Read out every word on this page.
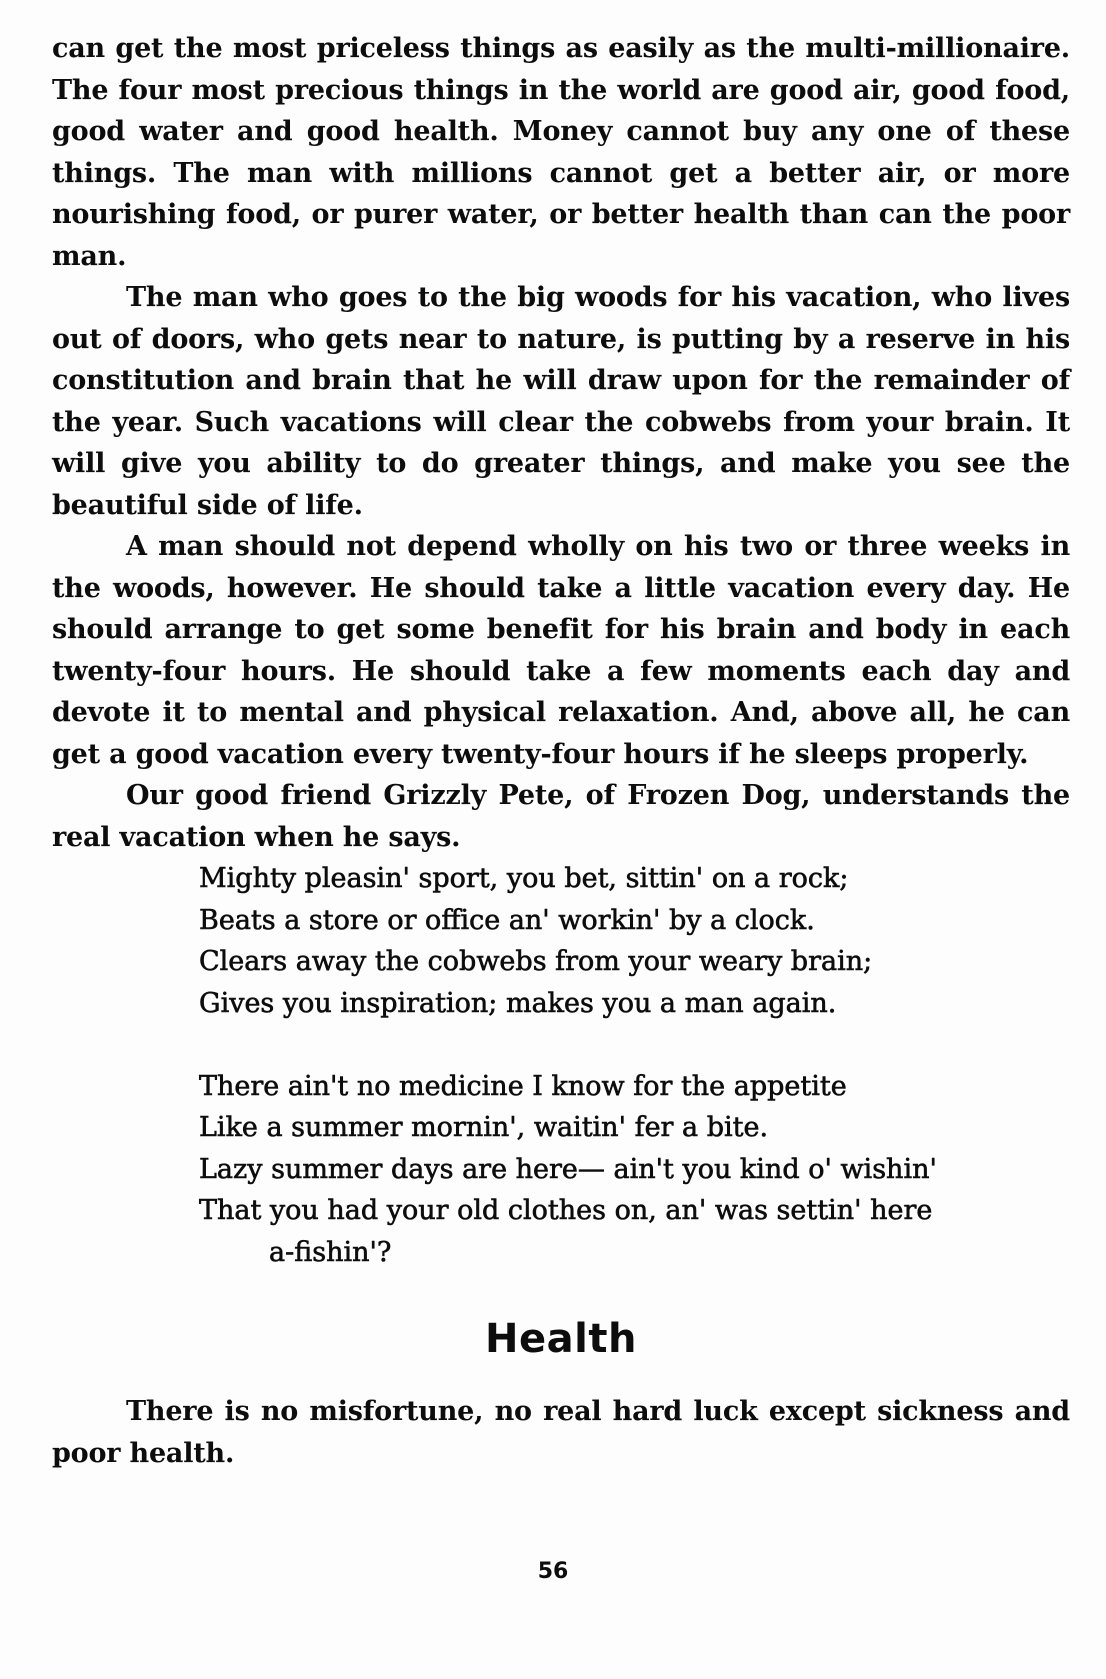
can get the most priceless things as easily as the multi-millionaire. The four most precious things in the world are good air, good food, good water and good health. Money cannot buy any one of these things. The man with millions cannot get a better air, or more nourishing food, or purer water, or better health than can the poor man.

The man who goes to the big woods for his vacation, who lives out of doors, who gets near to nature, is putting by a reserve in his constitution and brain that he will draw upon for the remainder of the year. Such vacations will clear the cobwebs from your brain. It will give you ability to do greater things, and make you see the beautiful side of life.

A man should not depend wholly on his two or three weeks in the woods, however. He should take a little vacation every day. He should arrange to get some benefit for his brain and body in each twenty-four hours. He should take a few moments each day and devote it to mental and physical relaxation. And, above all, he can get a good vacation every twenty-four hours if he sleeps properly.

Our good friend Grizzly Pete, of Frozen Dog, understands the real vacation when he says.

Mighty pleasin' sport, you bet, sittin' on a rock;
Beats a store or office an' workin' by a clock.
Clears away the cobwebs from your weary brain;
Gives you inspiration; makes you a man again.
There ain't no medicine I know for the appetite
Like a summer mornin', waitin' fer a bite.
Lazy summer days are here— ain't you kind o' wishin'
That you had your old clothes on, an' was settin' here
a-fishin'?
Health

There is no misfortune, no real hard luck except sickness and poor health.

56
